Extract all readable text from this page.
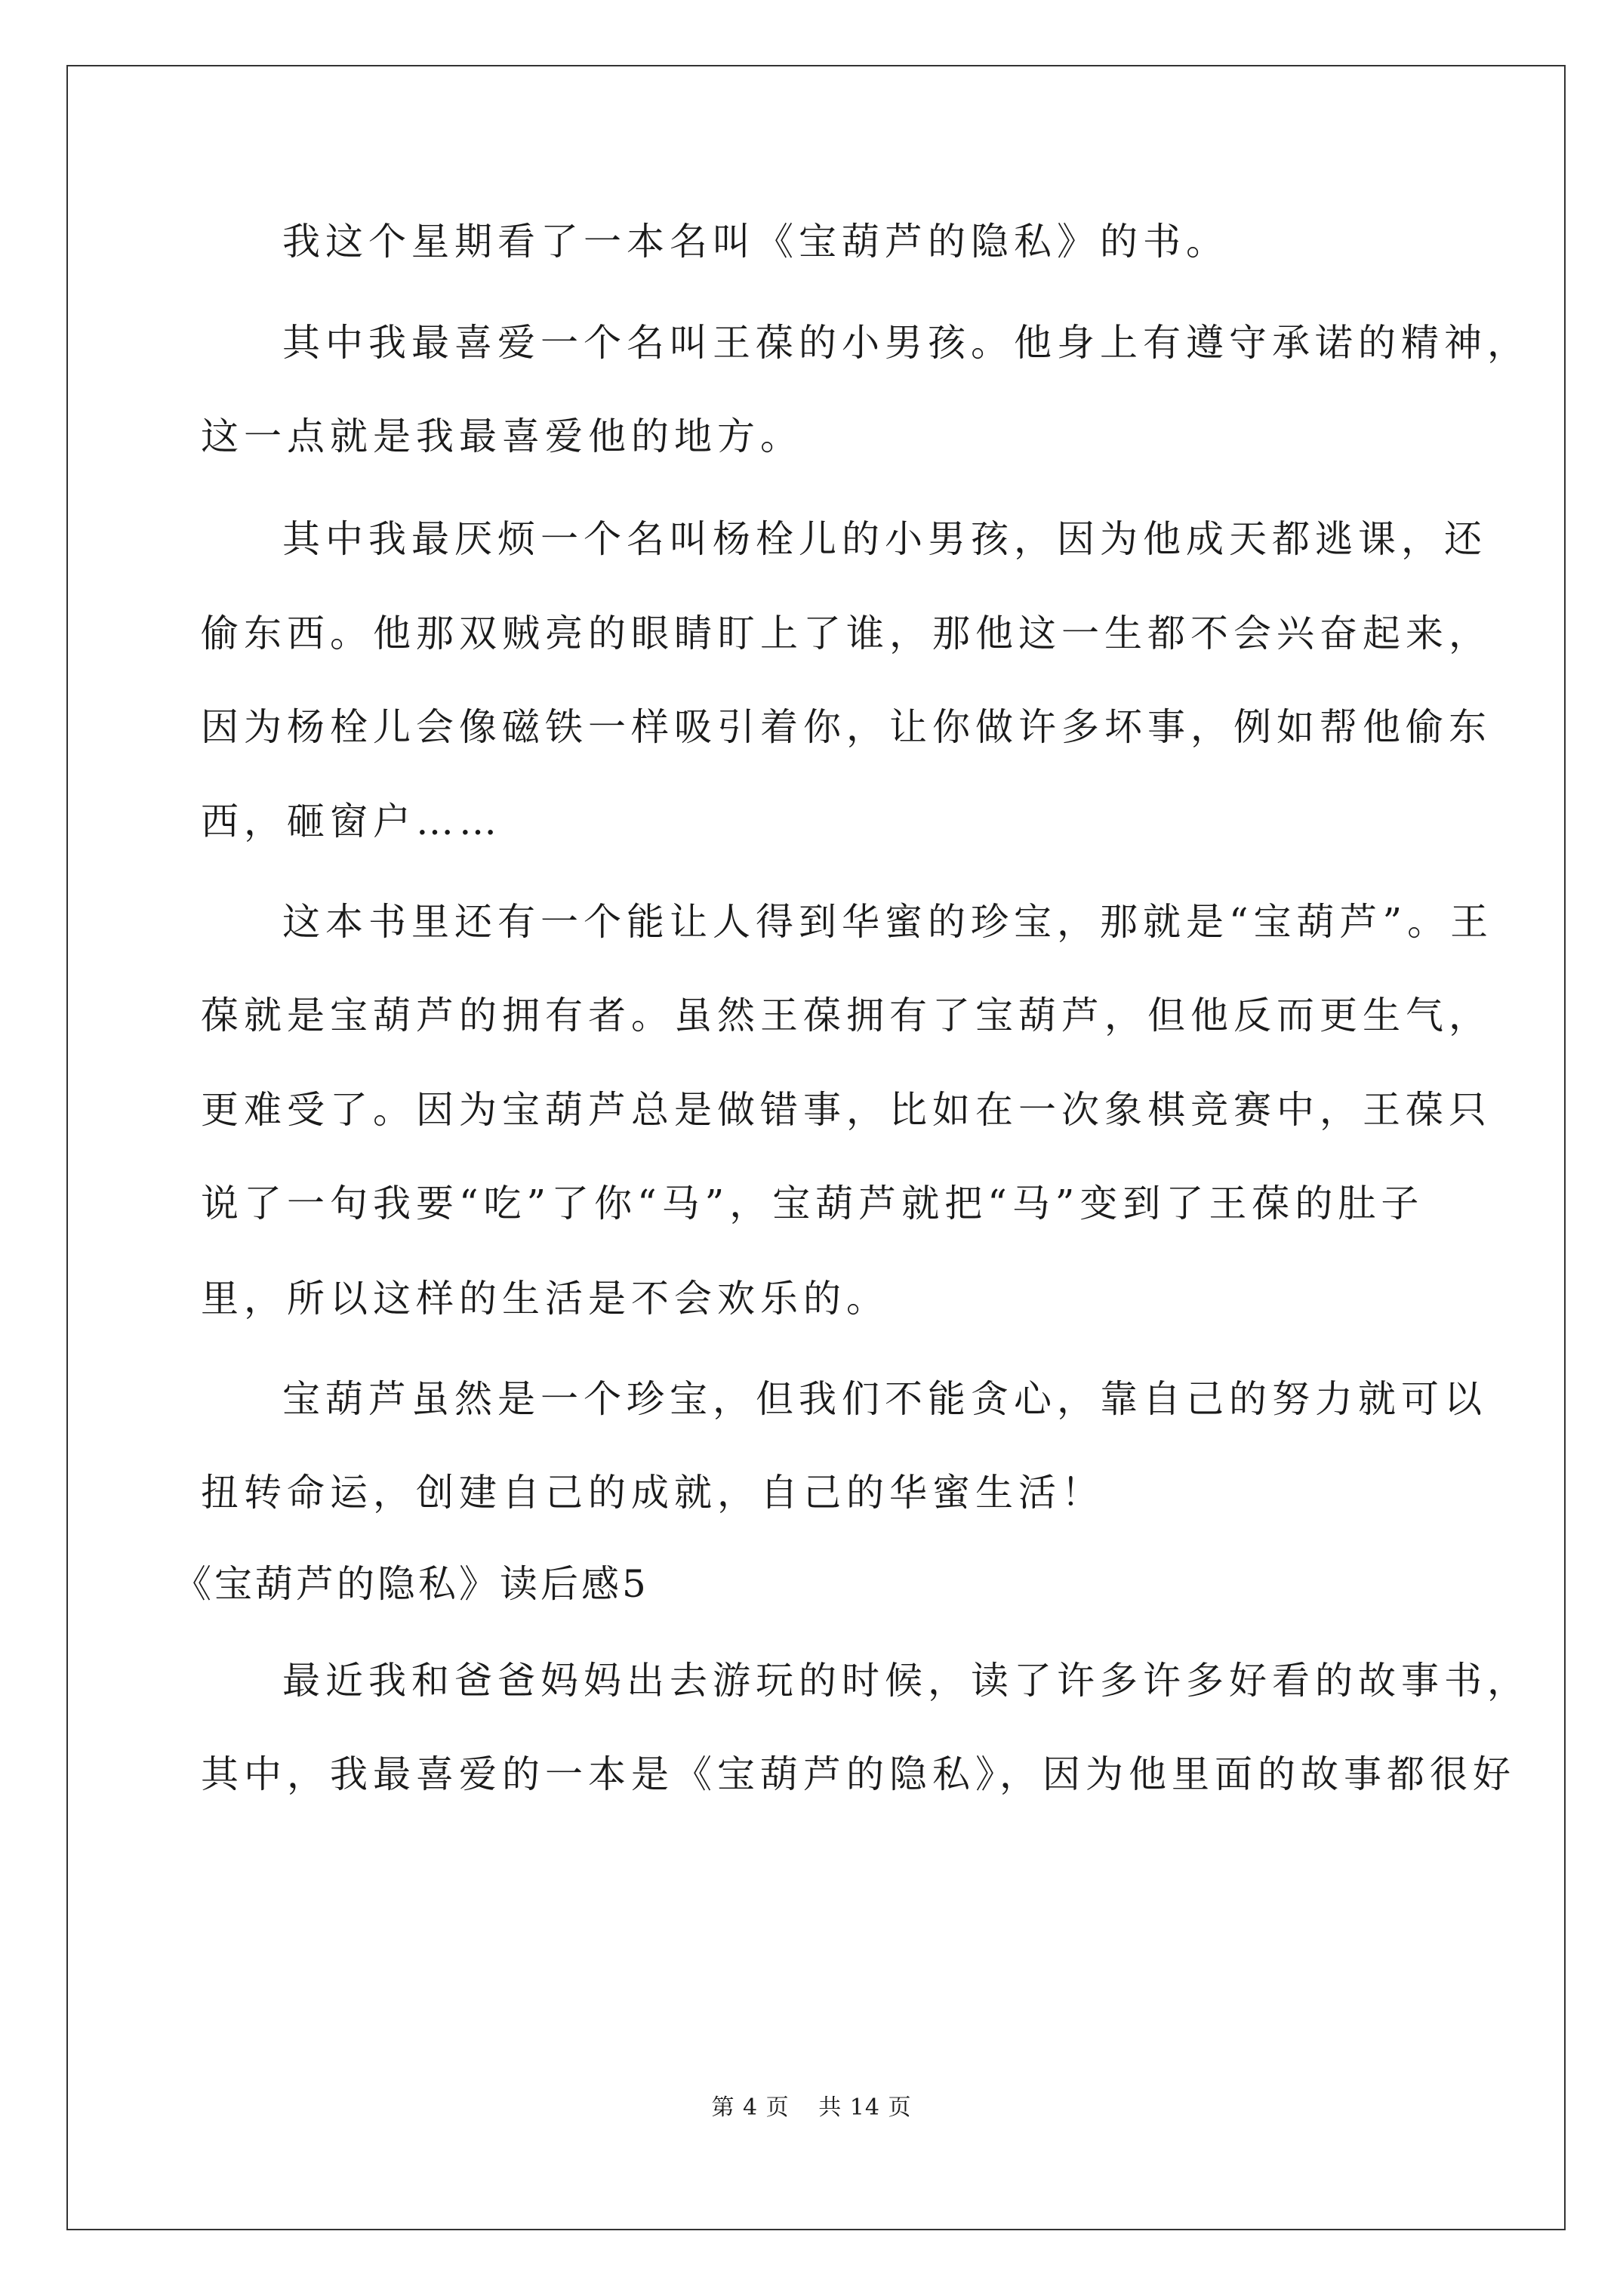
我这个星期看了一本名叫《宝葫芦的隐私》的书。
其中我最喜爱一个名叫王葆的小男孩。他身上有遵守承诺的精神，
这一点就是我最喜爱他的地方。
其中我最厌烦一个名叫杨栓儿的小男孩，因为他成天都逃课，还
偷东西。他那双贼亮的眼睛盯上了谁，那他这一生都不会兴奋起来，
因为杨栓儿会像磁铁一样吸引着你，让你做许多坏事，例如帮他偷东
西，砸窗户……
这本书里还有一个能让人得到华蜜的珍宝，那就是“宝葫芦”。王
葆就是宝葫芦的拥有者。虽然王葆拥有了宝葫芦，但他反而更生气，
更难受了。因为宝葫芦总是做错事，比如在一次象棋竞赛中，王葆只
说了一句我要“吃”了你“马”，宝葫芦就把“马”变到了王葆的肚子
里，所以这样的生活是不会欢乐的。
宝葫芦虽然是一个珍宝，但我们不能贪心，靠自己的努力就可以
扭转命运，创建自己的成就，自己的华蜜生活！
《宝葫芦的隐私》读后感5
最近我和爸爸妈妈出去游玩的时候，读了许多许多好看的故事书，
其中，我最喜爱的一本是《宝葫芦的隐私》，因为他里面的故事都很好
第 4 页 共 14 页
